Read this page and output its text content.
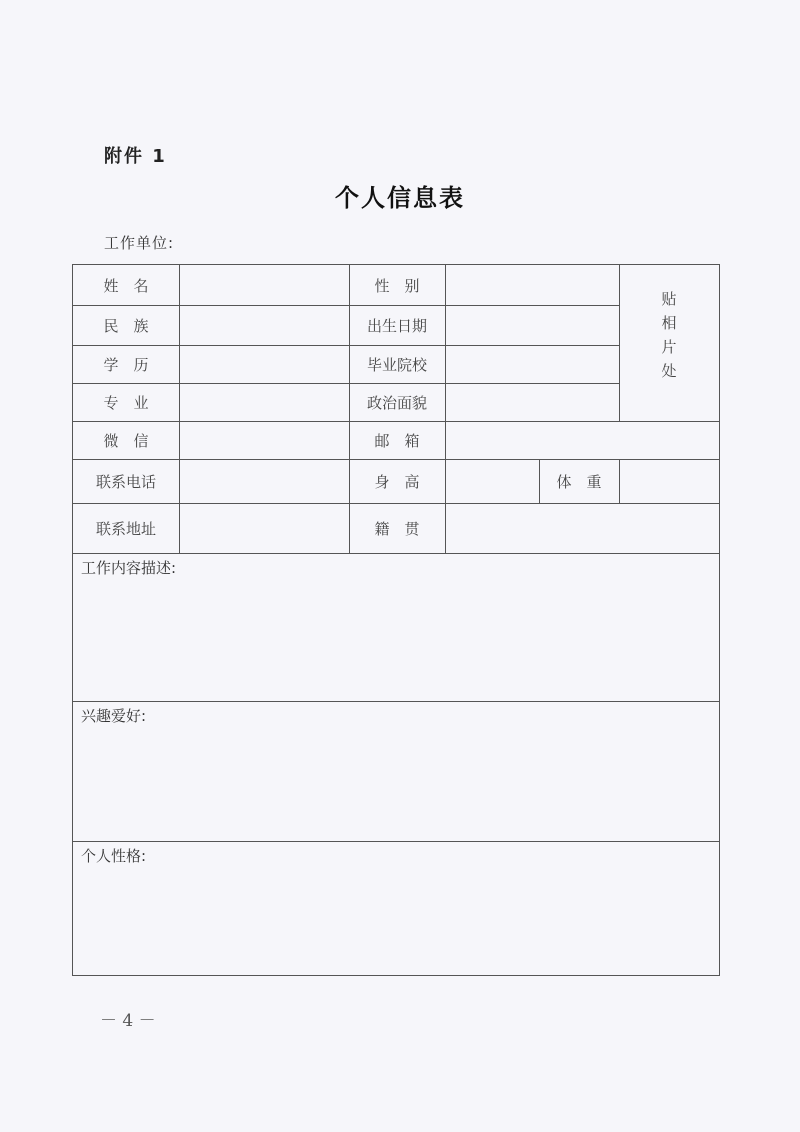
附件 1
个人信息表
工作单位:
姓　名	性　别
民　族	出生日期
学　历	毕业院校
专　业	政治面貌
微　信	邮　箱
联系电话	身　高	体　重
联系地址	籍　贯
贴
相
片
处
工作内容描述:
兴趣爱好:
个人性格:
－ 4 －
